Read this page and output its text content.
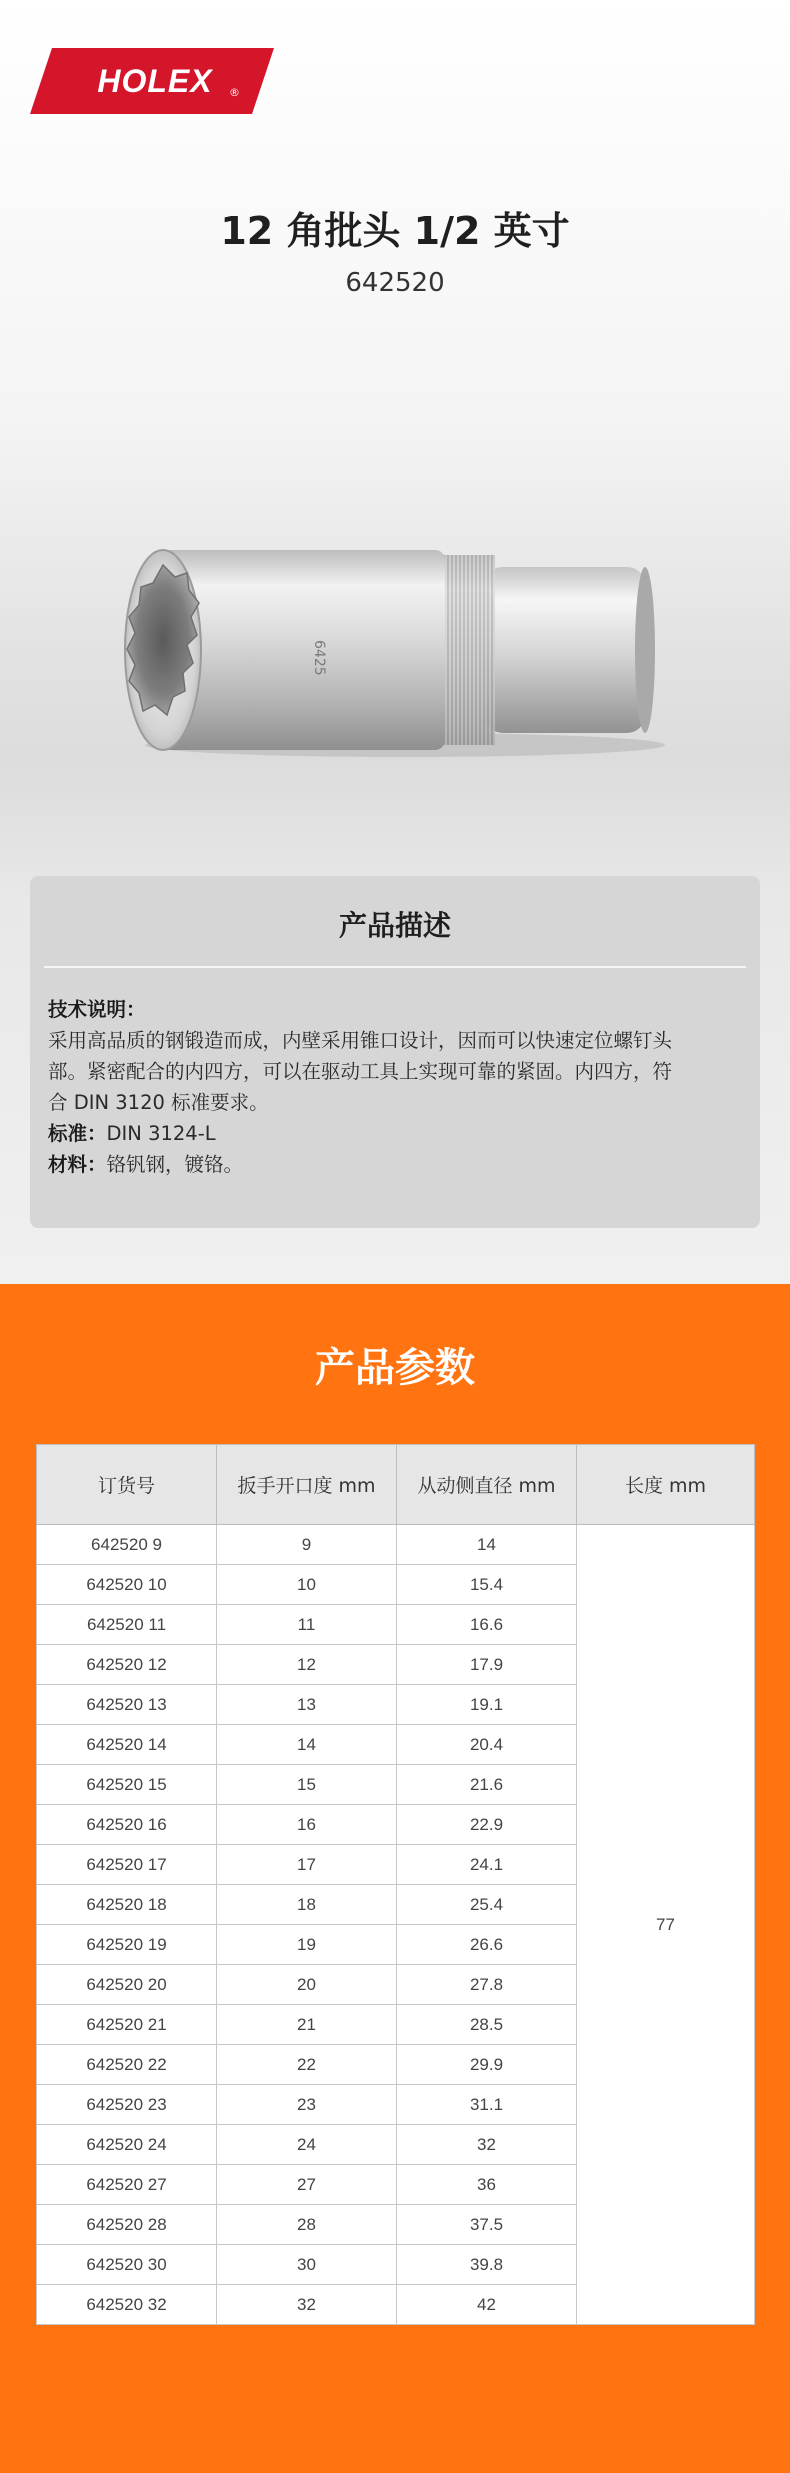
HOLEX	®
12 角批头 1/2 英寸
642520
6425
产品描述
技术说明：
采用高品质的钢锻造而成，内壁采用锥口设计，因而可以快速定位螺钉头
部。紧密配合的内四方，可以在驱动工具上实现可靠的紧固。内四方，符
合 DIN 3120 标准要求。
标准：DIN 3124-L
材料：铬钒钢，镀铬。
产品参数
订货号	扳手开口度 mm	从动侧直径 mm	长度 mm
642520 9	9	14	77
642520 10	10	15.4	
642520 11	11	16.6	
642520 12	12	17.9	
642520 13	13	19.1	
642520 14	14	20.4	
642520 15	15	21.6	
642520 16	16	22.9	
642520 17	17	24.1	
642520 18	18	25.4	
642520 19	19	26.6	
642520 20	20	27.8	
642520 21	21	28.5	
642520 22	22	29.9	
642520 23	23	31.1	
642520 24	24	32	
642520 27	27	36	
642520 28	28	37.5	
642520 30	30	39.8	
642520 32	32	42	
